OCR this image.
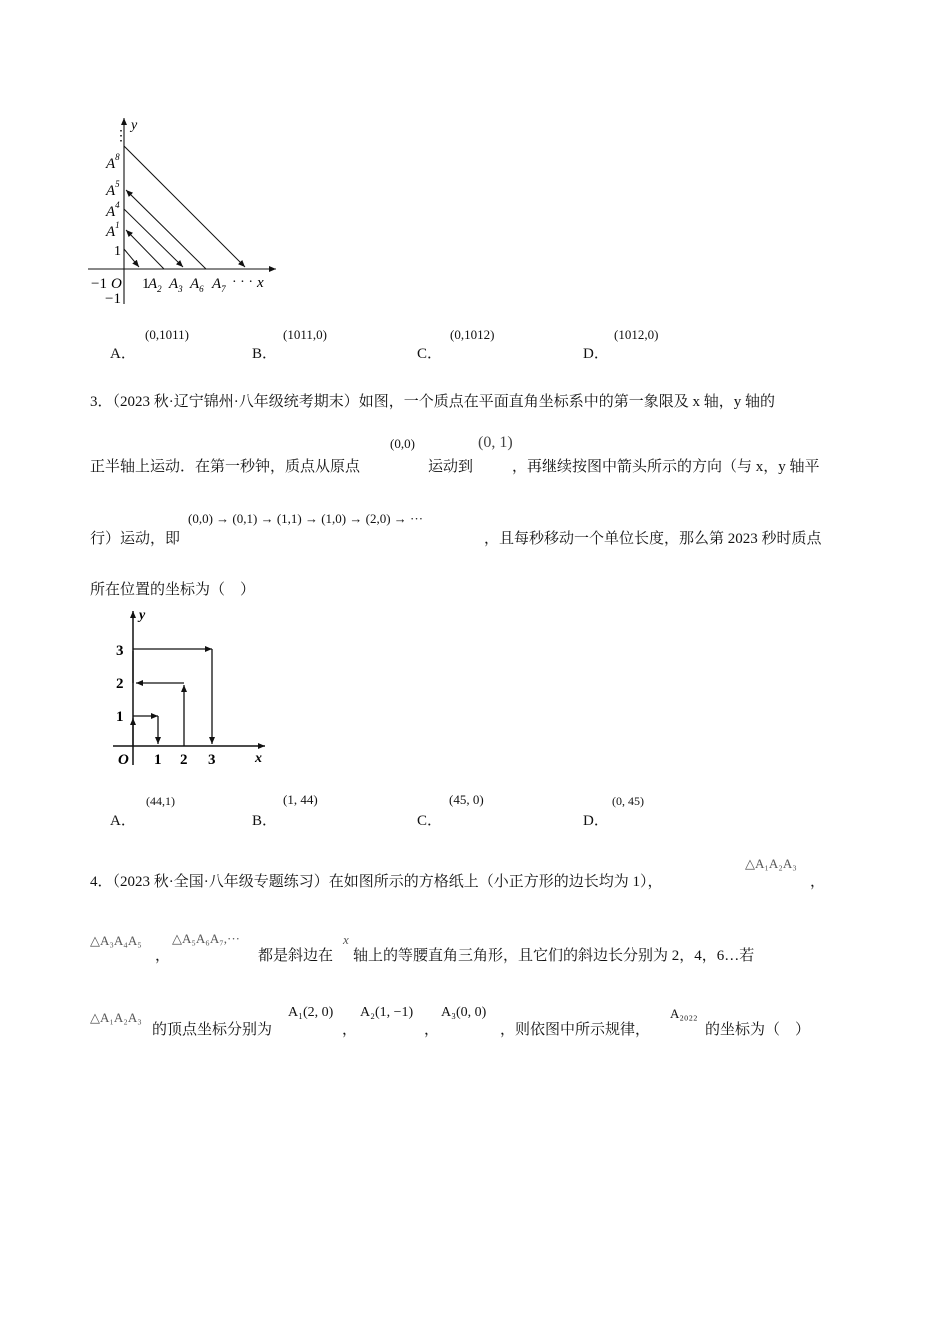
y
⋮
$A^8$
$A^5$
$A^4$
$A^1$
1
−1 O
−1
1
$A_2$ $A_3$ $A_6$ $A_7$ · · · x
A．
(0,1011)
B．
(1011,0)
C．
(0,1012)
D．
(1012,0)
3．（2023 秋·辽宁锦州·八年级统考期末）如图，一个质点在平面直角坐标系中的第一象限及 x 轴，y 轴的
正半轴上运动．在第一秒钟，质点从原点
(0,0)
运动到
(0, 1)
，再继续按图中箭头所示的方向（与 x，y 轴平
行）运动，即
(0,0) → (0,1) → (1,1) → (1,0) → (2,0) → ···
，且每秒移动一个单位长度，那么第 2023 秒时质点
所在位置的坐标为（　）
y
3
2
1
O 1 2 3	x
A．
(44,1)
B．
(1, 44)
C．
(45, 0)
D．
(0, 45)
4．（2023 秋·全国·八年级专题练习）在如图所示的方格纸上（小正方形的边长均为 1），
△A₁A₂A₃
，
△A₃A₄A₅
，
△A₅A₆A₇,···
都是斜边在
x
轴上的等腰直角三角形，且它们的斜边长分别为 2，4，6…若
△A₁A₂A₃
的顶点坐标分别为
A₁(2, 0)
，
A₂(1, −1)
，
A₃(0, 0)
，则依图中所示规律，
A₂₀₂₂
的坐标为（　）
